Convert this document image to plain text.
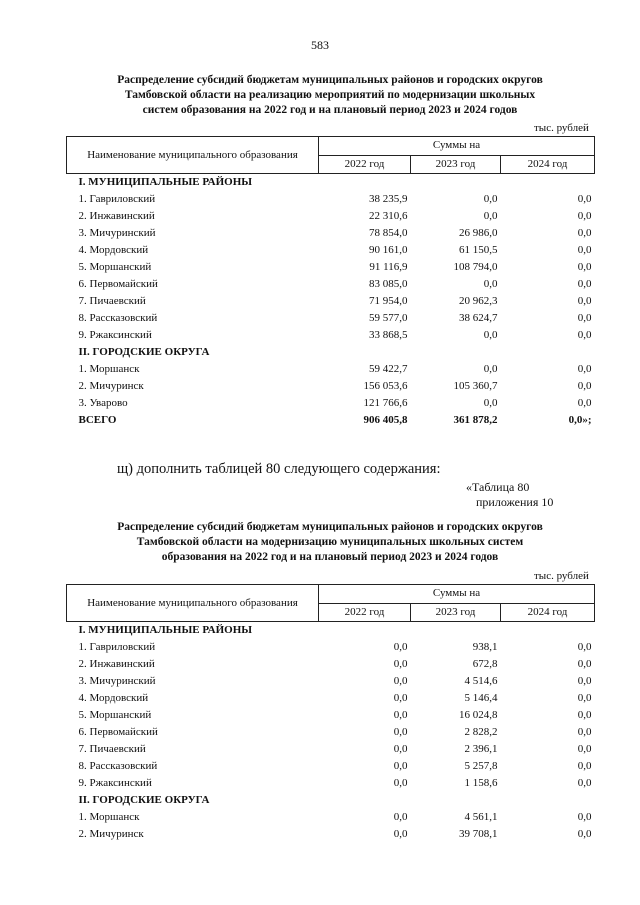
583
Распределение субсидий бюджетам муниципальных районов и городских округов
Тамбовской области на реализацию мероприятий по модернизации школьных
систем образования на 2022 год и на плановый период 2023 и 2024 годов
тыс. рублей
Наименование муниципального образования	Суммы на		
	2022 год	2023 год	2024 год
I. МУНИЦИПАЛЬНЫЕ РАЙОНЫ			
1. Гавриловский	38 235,9	0,0	0,0
2. Инжавинский	22 310,6	0,0	0,0
3. Мичуринский	78 854,0	26 986,0	0,0
4. Мордовский	90 161,0	61 150,5	0,0
5. Моршанский	91 116,9	108 794,0	0,0
6. Первомайский	83 085,0	0,0	0,0
7. Пичаевский	71 954,0	20 962,3	0,0
8. Рассказовский	59 577,0	38 624,7	0,0
9. Ржаксинский	33 868,5	0,0	0,0
II. ГОРОДСКИЕ ОКРУГА			
1. Моршанск	59 422,7	0,0	0,0
2. Мичуринск	156 053,6	105 360,7	0,0
3. Уварово	121 766,6	0,0	0,0
ВСЕГО	906 405,8	361 878,2	0,0»;
щ) дополнить таблицей 80 следующего содержания:
«Таблица 80
приложения 10
Распределение субсидий бюджетам муниципальных районов и городских округов
Тамбовской области на модернизацию муниципальных школьных систем
образования на 2022 год и на плановый период 2023 и 2024 годов
тыс. рублей
Наименование муниципального образования	Суммы на		
	2022 год	2023 год	2024 год
I. МУНИЦИПАЛЬНЫЕ РАЙОНЫ			
1. Гавриловский	0,0	938,1	0,0
2. Инжавинский	0,0	672,8	0,0
3. Мичуринский	0,0	4 514,6	0,0
4. Мордовский	0,0	5 146,4	0,0
5. Моршанский	0,0	16 024,8	0,0
6. Первомайский	0,0	2 828,2	0,0
7. Пичаевский	0,0	2 396,1	0,0
8. Рассказовский	0,0	5 257,8	0,0
9. Ржаксинский	0,0	1 158,6	0,0
II. ГОРОДСКИЕ ОКРУГА			
1. Моршанск	0,0	4 561,1	0,0
2. Мичуринск	0,0	39 708,1	0,0
